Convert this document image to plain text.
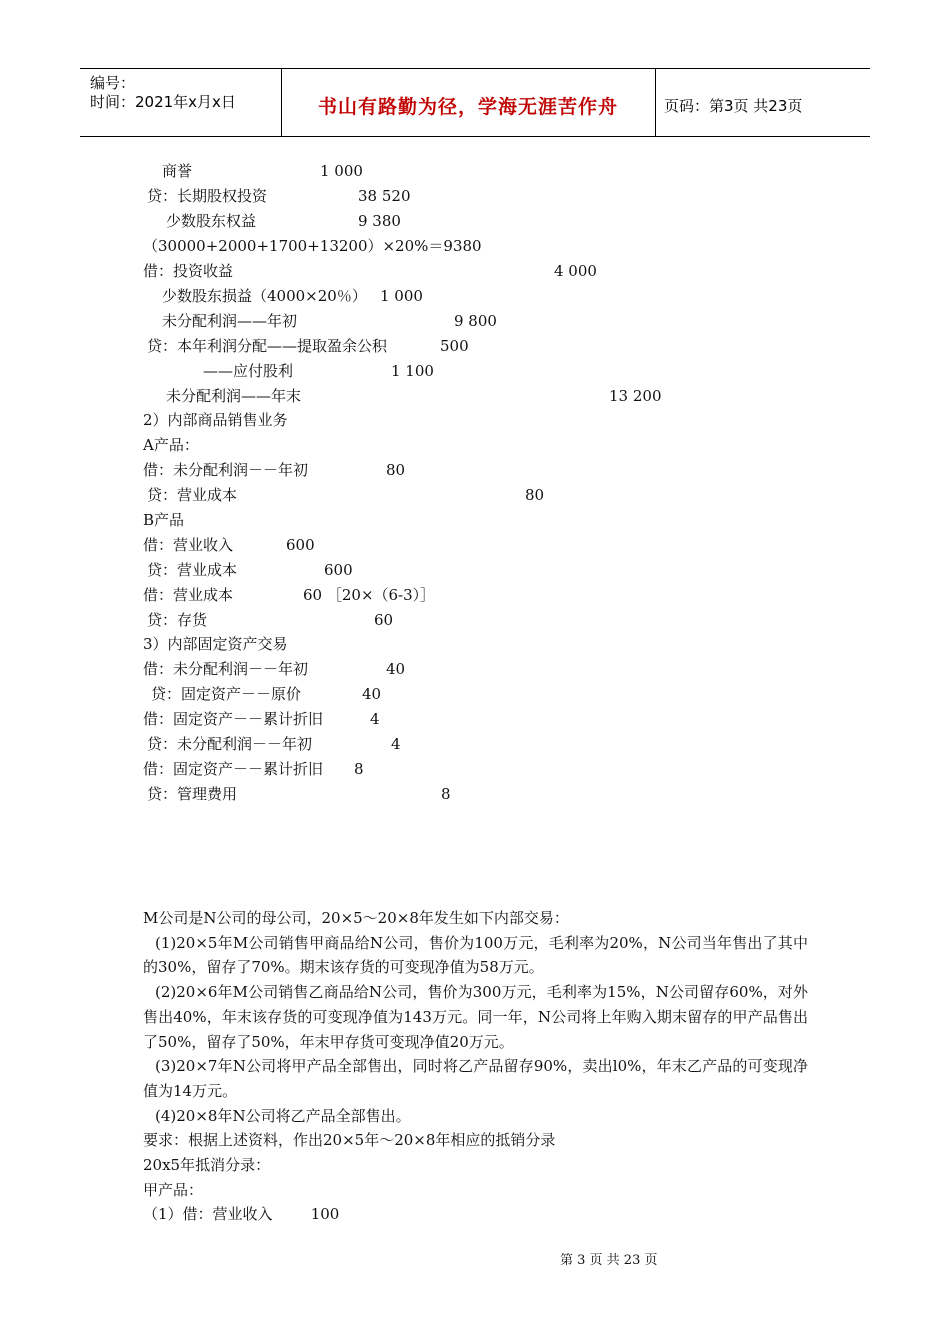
编号：
时间：2021年x月x日	书山有路勤为径，学海无涯苦作舟	页码：第3页 共23页
商誉	1 000
贷：长期股权投资	38 520
少数股东权益	9 380
（30000+2000+1700+13200）×20%＝9380
借：投资收益	4 000
少数股东损益（4000×20％） 1 000
未分配利润——年初	9 800
贷：本年利润分配——提取盈余公积	500
——应付股利	1 100
未分配利润——年末	13 200
2）内部商品销售业务
A产品：
借：未分配利润－－年初	80
贷：营业成本	80
B产品
借：营业收入	600
贷：营业成本	600
借：营业成本	60 ［20×（6-3）］
贷：存货	60
3）内部固定资产交易
借：未分配利润－－年初	40
贷：固定资产－－原价	40
借：固定资产－－累计折旧	4
贷：未分配利润－－年初	4
借：固定资产－－累计折旧 8
贷：管理费用	8

M公司是N公司的母公司，20×5～20×8年发生如下内部交易：

(1)20×5年M公司销售甲商品给N公司，售价为100万元，毛利率为20%，N公司当年售出了其中的30%，留存了70%。期末该存货的可变现净值为58万元。

(2)20×6年M公司销售乙商品给N公司，售价为300万元，毛利率为15%，N公司留存60%，对外售出40%，年末该存货的可变现净值为143万元。同一年，N公司将上年购入期末留存的甲产品售出了50%，留存了50%，年末甲存货可变现净值20万元。

(3)20×7年N公司将甲产品全部售出，同时将乙产品留存90%，卖出l0%，年末乙产品的可变现净值为14万元。

(4)20×8年N公司将乙产品全部售出。

要求：根据上述资料，作出20×5年～20×8年相应的抵销分录

20x5年抵消分录：

甲产品：

（1）借：营业收入        100

第 3 页 共 23 页
